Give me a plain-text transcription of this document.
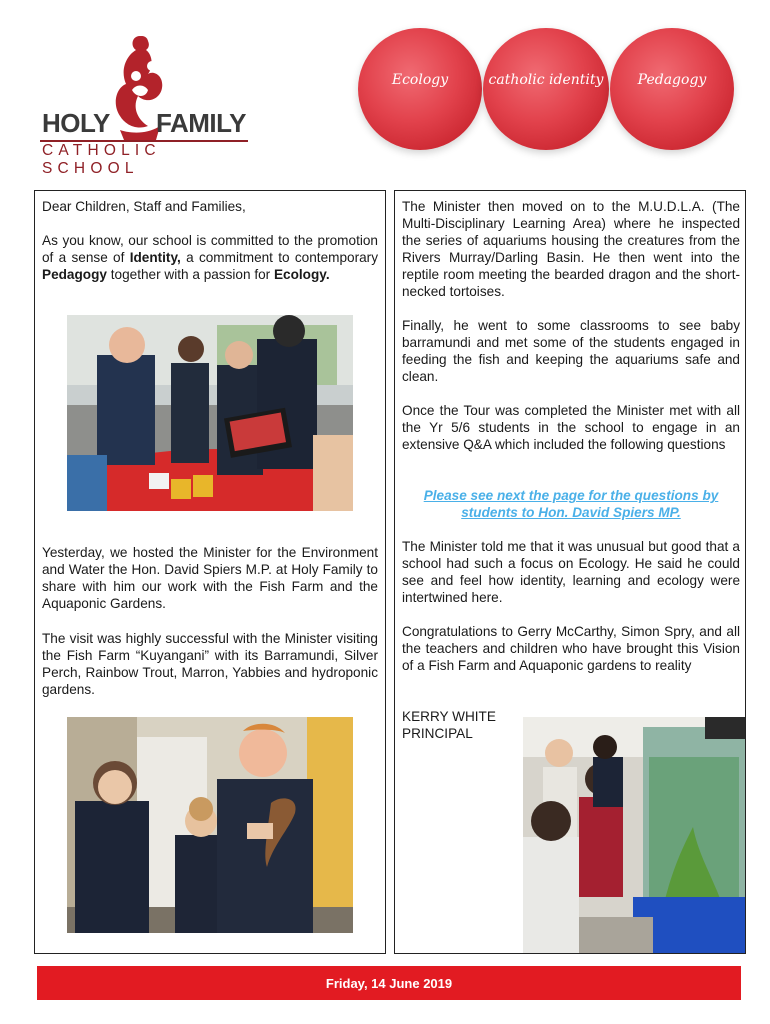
HOLY FAMILY
CATHOLIC SCHOOL
Ecology	catholic identity Pedagogy

Dear Children, Staff and Families,

As you know, our school is committed to the promotion of a sense of Identity, a commitment to contemporary Pedagogy together with a passion for Ecology.

Yesterday, we hosted the Minister for the Environment and Water the Hon. David Spiers M.P. at Holy Family to share with him our work with the Fish Farm and the Aquaponic Gardens.

The visit was highly successful with the Minister visiting the Fish Farm “Kuyangani” with its Barramundi, Silver Perch, Rainbow Trout, Marron, Yabbies and hydroponic gardens.

The Minister then moved on to the M.U.D.L.A. (The Multi-Disciplinary Learning Area) where he inspected the series of aquariums housing the creatures from the Rivers Murray/Darling Basin. He then went into the reptile room meeting the bearded dragon and the short-necked tortoises.

Finally, he went to some classrooms to see baby barramundi and met some of the students engaged in feeding the fish and keeping the aquariums safe and clean.

Once the Tour was completed the Minister met with all the Yr 5/6 students in the school to engage in an extensive Q&A which included the following questions

Please see next the page for the questions by students to Hon. David Spiers MP.

The Minister told me that it was unusual but good that a school had such a focus on Ecology. He said he could see and feel how identity, learning and ecology were intertwined here.

Congratulations to Gerry McCarthy, Simon Spry, and all the teachers and children who have brought this Vision of a Fish Farm and Aquaponic gardens to reality

KERRY WHITE

PRINCIPAL

Friday, 14 June 2019
